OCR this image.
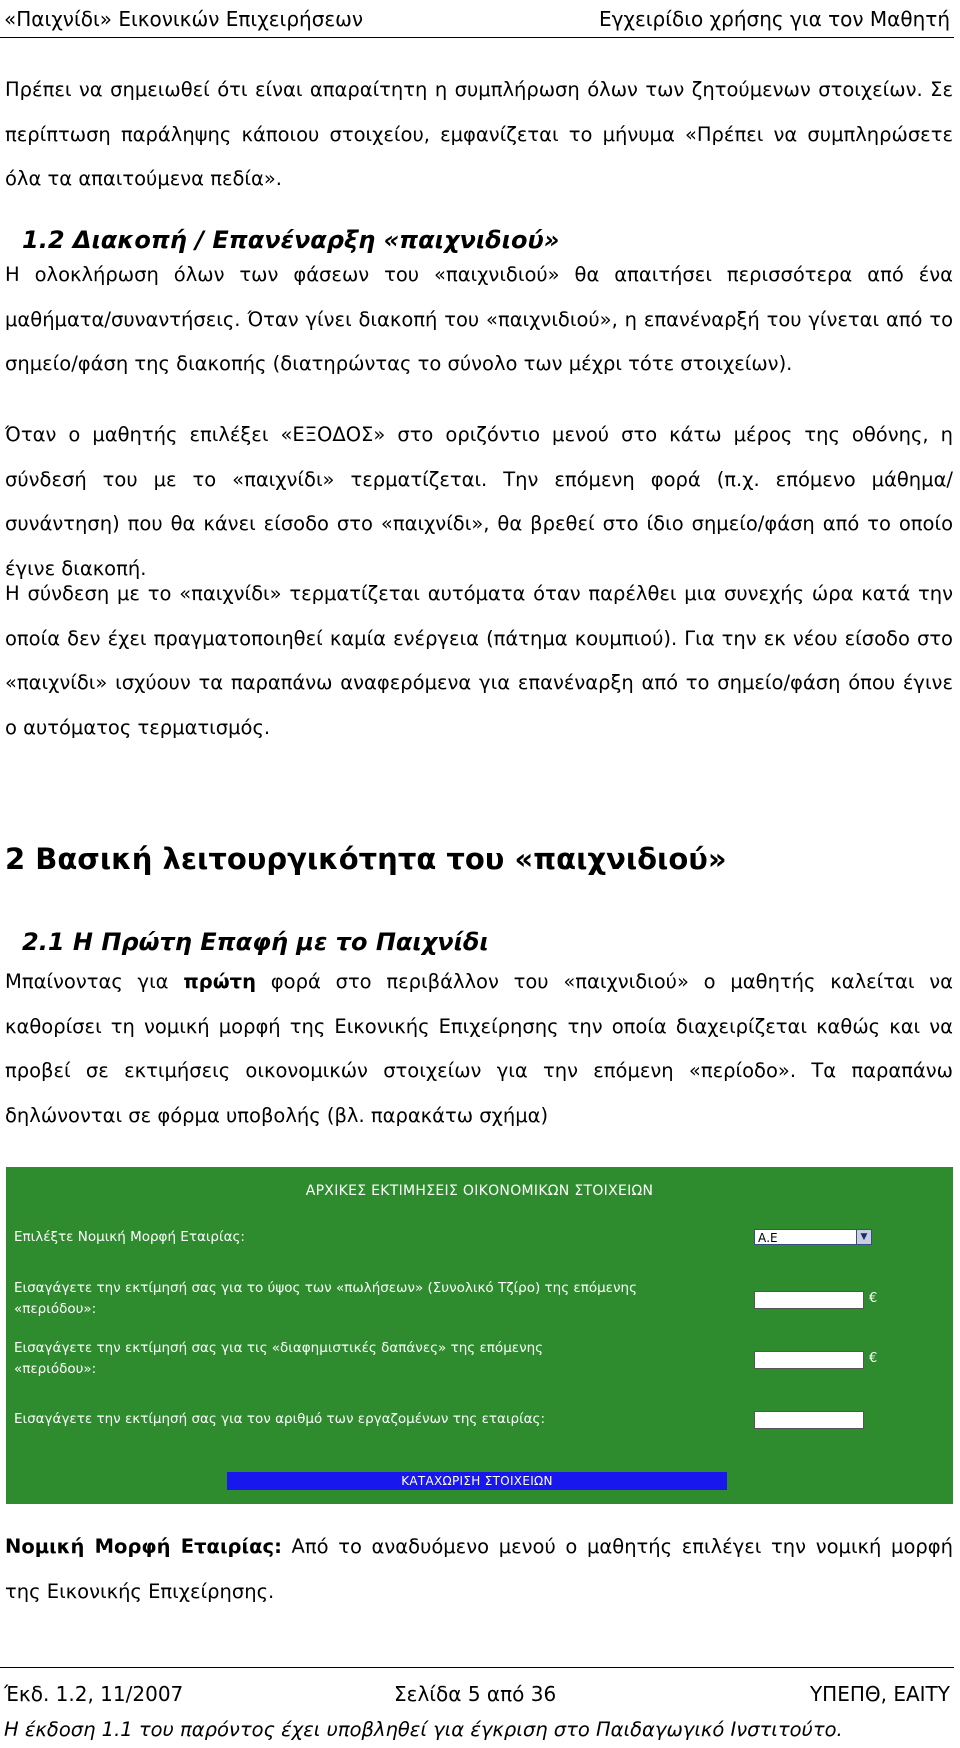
«Παιχνίδι» Εικονικών Επιχειρήσεων	Εγχειρίδιο χρήσης για τον Μαθητή

Πρέπει να σημειωθεί ότι είναι απαραίτητη η συμπλήρωση όλων των ζητούμενων στοιχείων. Σε περίπτωση παράληψης κάποιου στοιχείου, εμφανίζεται το μήνυμα «Πρέπει να συμπληρώσετε όλα τα απαιτούμενα πεδία».

1.2 Διακοπή / Επανέναρξη «παιχνιδιού»

Η ολοκλήρωση όλων των φάσεων του «παιχνιδιού» θα απαιτήσει περισσότερα από ένα μαθήματα/συναντήσεις. Όταν γίνει διακοπή του «παιχνιδιού», η επανέναρξή του γίνεται από το σημείο/φάση της διακοπής (διατηρώντας το σύνολο των μέχρι τότε στοιχείων).

Όταν ο μαθητής επιλέξει «ΕΞΟΔΟΣ» στο οριζόντιο μενού στο κάτω μέρος της οθόνης, η σύνδεσή του με το «παιχνίδι» τερματίζεται. Την επόμενη φορά (π.χ. επόμενο μάθημα/συνάντηση) που θα κάνει είσοδο στο «παιχνίδι», θα βρεθεί στο ίδιο σημείο/φάση από το οποίο έγινε διακοπή.

Η σύνδεση με το «παιχνίδι» τερματίζεται αυτόματα όταν παρέλθει μια συνεχής ώρα κατά την οποία δεν έχει πραγματοποιηθεί καμία ενέργεια (πάτημα κουμπιού). Για την εκ νέου είσοδο στο «παιχνίδι» ισχύουν τα παραπάνω αναφερόμενα για επανέναρξη από το σημείο/φάση όπου έγινε ο αυτόματος τερματισμός.

2 Βασική λειτουργικότητα του «παιχνιδιού»
2.1 Η Πρώτη Επαφή με το Παιχνίδι

Μπαίνοντας για πρώτη φορά στο περιβάλλον του «παιχνιδιού» ο μαθητής καλείται να καθορίσει τη νομική μορφή της Εικονικής Επιχείρησης την οποία διαχειρίζεται καθώς και να προβεί σε εκτιμήσεις οικονομικών στοιχείων για την επόμενη «περίοδο». Τα παραπάνω δηλώνονται σε φόρμα υποβολής (βλ. παρακάτω σχήμα)

ΑΡΧΙΚΕΣ ΕΚΤΙΜΗΣΕΙΣ ΟΙΚΟΝΟΜΙΚΩΝ ΣΤΟΙΧΕΙΩΝ
Επιλέξτε Νομική Μορφή Εταιρίας:	Α.Ε	▼
Εισαγάγετε την εκτίμησή σας για το ύψος των «πωλήσεων» (Συνολικό Τζίρο) της επόμενης
«περιόδου»:
€
Εισαγάγετε την εκτίμησή σας για τις «διαφημιστικές δαπάνες» της επόμενης
«περιόδου»:
€
Εισαγάγετε την εκτίμησή σας για τον αριθμό των εργαζομένων της εταιρίας:
ΚΑΤΑΧΩΡΙΣΗ ΣΤΟΙΧΕΙΩΝ

Νομική Μορφή Εταιρίας: Από το αναδυόμενο μενού ο μαθητής επιλέγει την νομική μορφή της Εικονικής Επιχείρησης.

Έκδ. 1.2, 11/2007	ΥΠΕΠΘ, ΕΑΙΤΥ
Σελίδα 5 από 36
Η έκδοση 1.1 του παρόντος έχει υποβληθεί για έγκριση στο Παιδαγωγικό Ινστιτούτο.
